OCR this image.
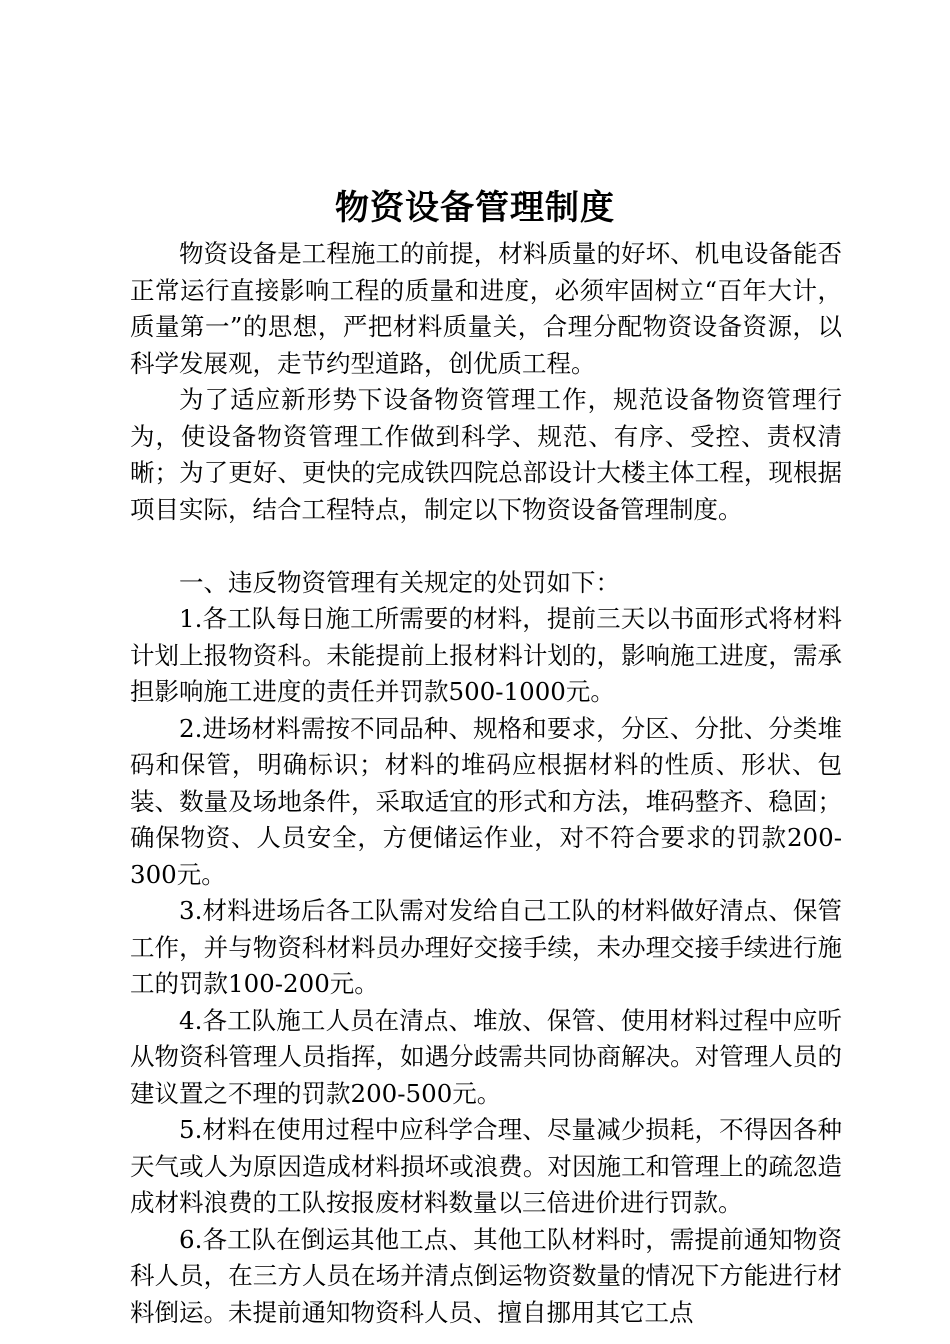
物资设备管理制度

物资设备是工程施工的前提，材料质量的好坏、机电设备能否正常运行直接影响工程的质量和进度，必须牢固树立“百年大计，质量第一”的思想，严把材料质量关，合理分配物资设备资源，以科学发展观，走节约型道路，创优质工程。

为了适应新形势下设备物资管理工作，规范设备物资管理行为，使设备物资管理工作做到科学、规范、有序、受控、责权清晰；为了更好、更快的完成铁四院总部设计大楼主体工程，现根据项目实际，结合工程特点，制定以下物资设备管理制度。

一、违反物资管理有关规定的处罚如下：

1.各工队每日施工所需要的材料，提前三天以书面形式将材料计划上报物资科。未能提前上报材料计划的，影响施工进度，需承担影响施工进度的责任并罚款500-1000元。

2.进场材料需按不同品种、规格和要求，分区、分批、分类堆码和保管，明确标识；材料的堆码应根据材料的性质、形状、包装、数量及场地条件，采取适宜的形式和方法，堆码整齐、稳固；确保物资、人员安全，方便储运作业，对不符合要求的罚款200-300元。

3.材料进场后各工队需对发给自己工队的材料做好清点、保管工作，并与物资科材料员办理好交接手续，未办理交接手续进行施工的罚款100-200元。

4.各工队施工人员在清点、堆放、保管、使用材料过程中应听从物资科管理人员指挥，如遇分歧需共同协商解决。对管理人员的建议置之不理的罚款200-500元。

5.材料在使用过程中应科学合理、尽量减少损耗，不得因各种天气或人为原因造成材料损坏或浪费。对因施工和管理上的疏忽造成材料浪费的工队按报废材料数量以三倍进价进行罚款。

6.各工队在倒运其他工点、其他工队材料时，需提前通知物资科人员，在三方人员在场并清点倒运物资数量的情况下方能进行材料倒运。未提前通知物资科人员、擅自挪用其它工点
